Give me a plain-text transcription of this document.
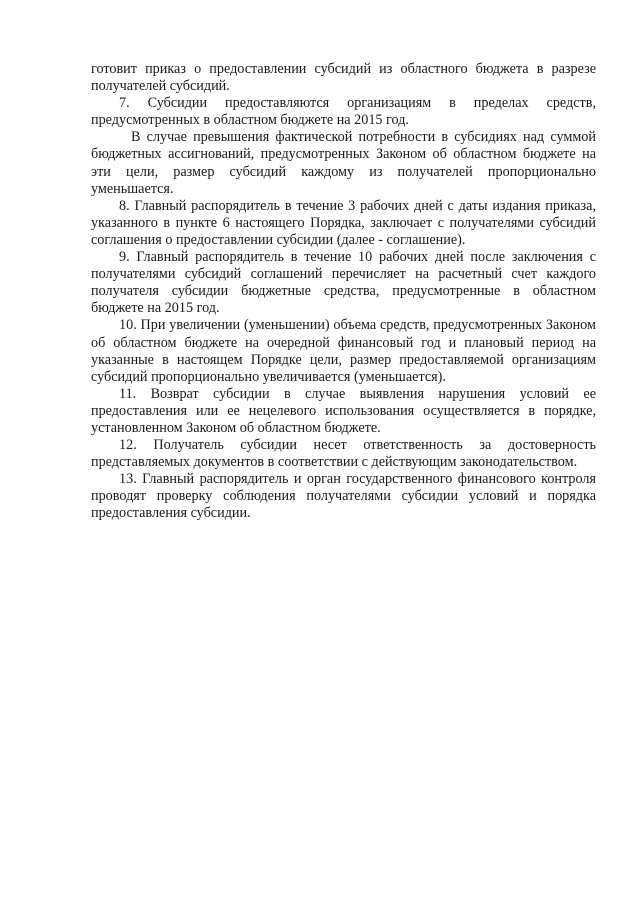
готовит приказ о предоставлении субсидий из областного бюджета в разрезе получателей субсидий.

7. Субсидии предоставляются организациям в пределах средств, предусмотренных в областном бюджете на 2015 год.

В случае превышения фактической потребности в субсидиях над суммой бюджетных ассигнований, предусмотренных Законом об областном бюджете на эти цели, размер субсидий каждому из получателей пропорционально уменьшается.

8. Главный распорядитель в течение 3 рабочих дней с даты издания приказа, указанного в пункте 6 настоящего Порядка, заключает с получателями субсидий соглашения о предоставлении субсидии (далее - соглашение).

9. Главный распорядитель в течение 10 рабочих дней после заключения с получателями субсидий соглашений перечисляет на расчетный счет каждого получателя субсидии бюджетные средства, предусмотренные в областном бюджете на 2015 год.

10. При увеличении (уменьшении) объема средств, предусмотренных Законом об областном бюджете на очередной финансовый год и плановый период на указанные в настоящем Порядке цели, размер предоставляемой организациям субсидий пропорционально увеличивается (уменьшается).

11. Возврат субсидии в случае выявления нарушения условий ее предоставления или ее нецелевого использования осуществляется в порядке, установленном Законом об областном бюджете.

12. Получатель субсидии несет ответственность за достоверность представляемых документов в соответствии с действующим законодательством.

13. Главный распорядитель и орган государственного финансового контроля проводят проверку соблюдения получателями субсидии условий и порядка предоставления субсидии.
